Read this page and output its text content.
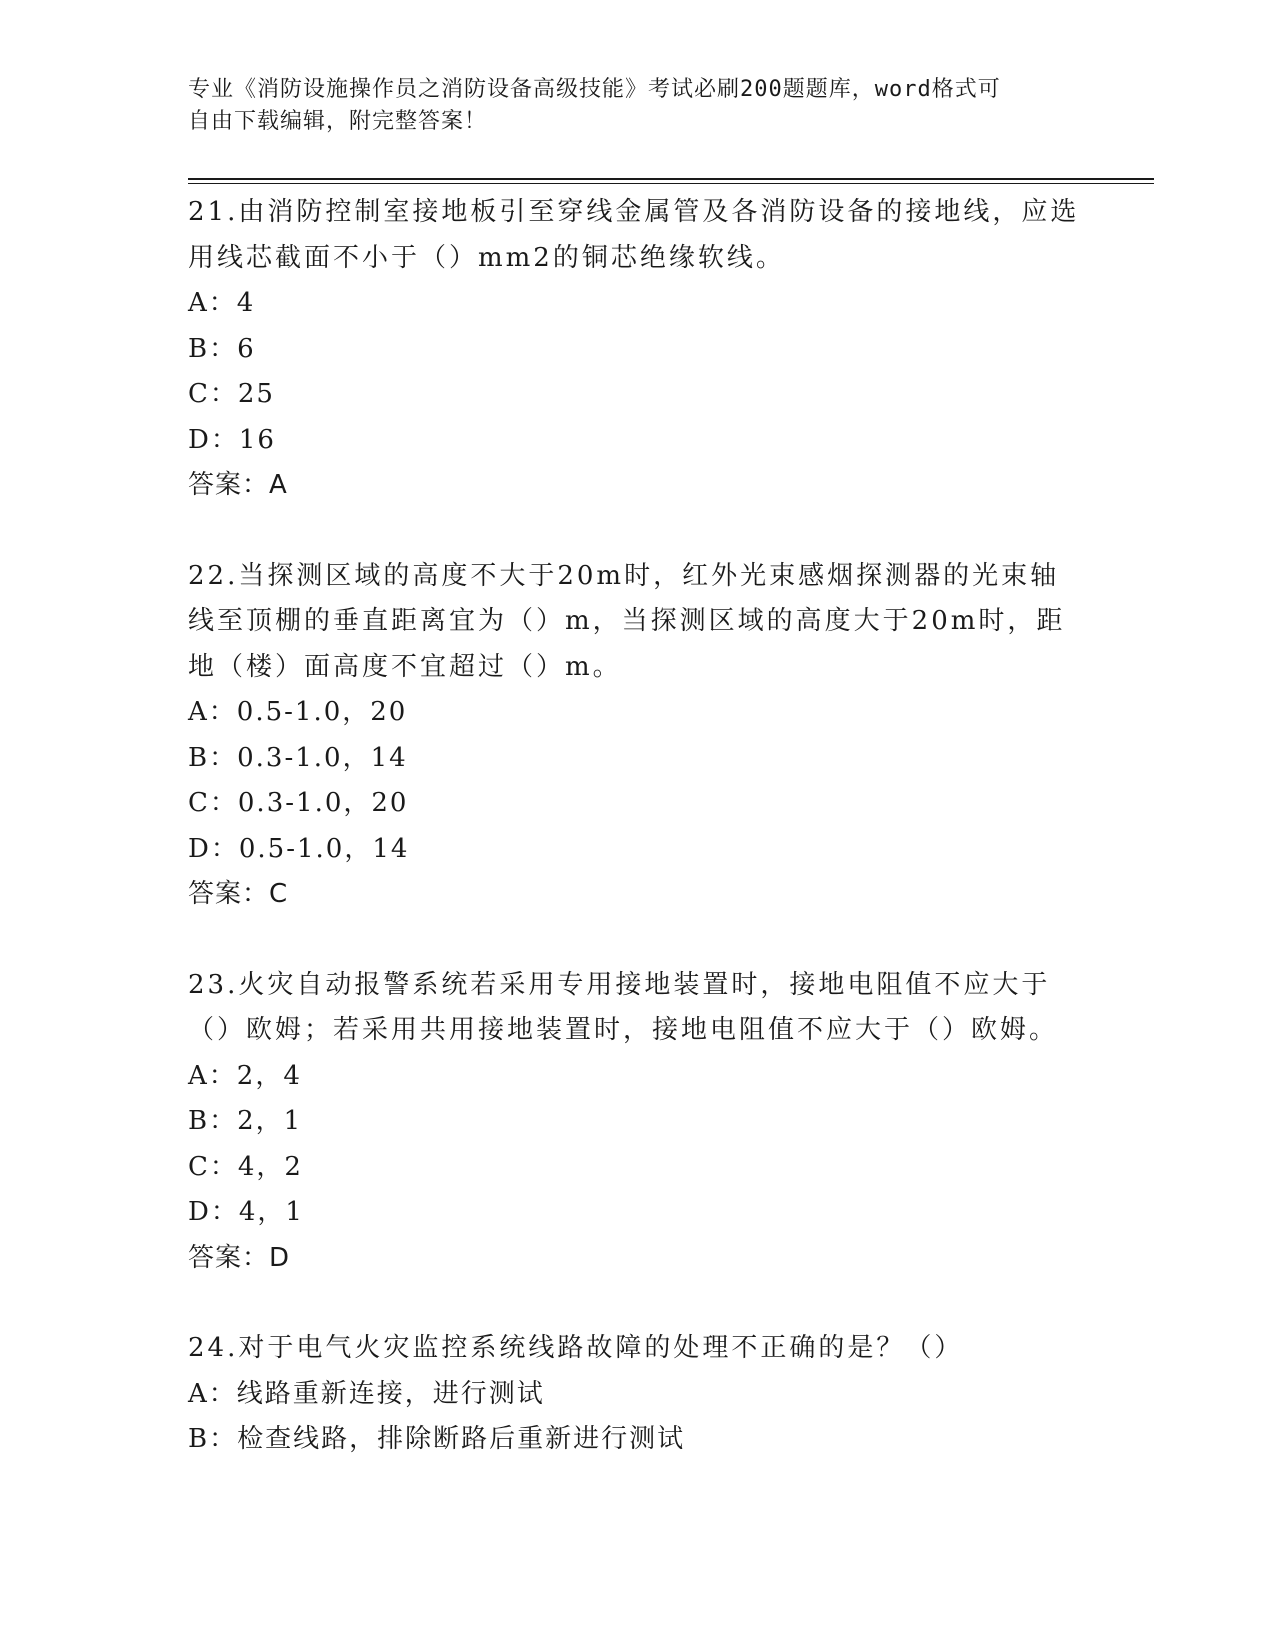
专业《消防设施操作员之消防设备高级技能》考试必刷200题题库，word格式可
自由下载编辑，附完整答案！

21.由消防控制室接地板引至穿线金属管及各消防设备的接地线，应选用线芯截面不小于（）mm2的铜芯绝缘软线。

A：4

B：6

C：25

D：16

答案：A

22.当探测区域的高度不大于20m时，红外光束感烟探测器的光束轴线至顶棚的垂直距离宜为（）m，当探测区域的高度大于20m时，距地（楼）面高度不宜超过（）m。

A：0.5-1.0，20

B：0.3-1.0，14

C：0.3-1.0，20

D：0.5-1.0，14

答案：C

23.火灾自动报警系统若采用专用接地装置时，接地电阻值不应大于（）欧姆；若采用共用接地装置时，接地电阻值不应大于（）欧姆。

A：2，4

B：2，1

C：4，2

D：4，1

答案：D

24.对于电气火灾监控系统线路故障的处理不正确的是？（）

A：线路重新连接，进行测试

B：检查线路，排除断路后重新进行测试
